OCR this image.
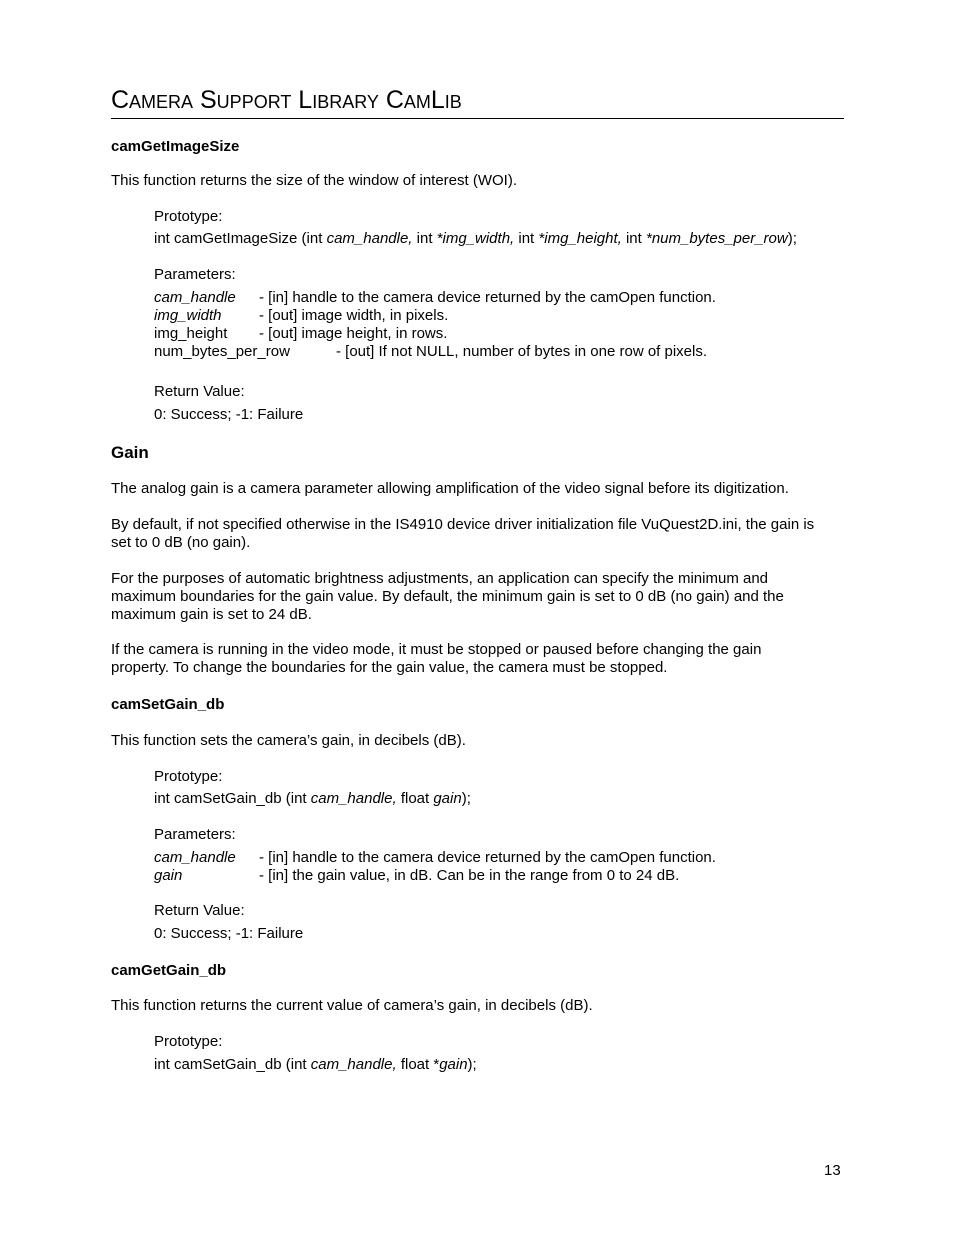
Camera Support Library CamLib
camGetImageSize
This function returns the size of the window of interest (WOI).
Prototype:
int camGetImageSize (int cam_handle, int *img_width, int *img_height, int *num_bytes_per_row);
Parameters:
cam_handle - [in] handle to the camera device returned by the camOpen function.
img_width - [out] image width, in pixels.
img_height - [out] image height, in rows.
num_bytes_per_row	- [out] If not NULL, number of bytes in one row of pixels.
Return Value:
0: Success; -1: Failure
Gain
The analog gain is a camera parameter allowing amplification of the video signal before its digitization.
By default, if not specified otherwise in the IS4910 device driver initialization file VuQuest2D.ini, the gain is set to 0 dB (no gain).
For the purposes of automatic brightness adjustments, an application can specify the minimum and maximum boundaries for the gain value. By default, the minimum gain is set to 0 dB (no gain) and the maximum gain is set to 24 dB.
If the camera is running in the video mode, it must be stopped or paused before changing the gain property. To change the boundaries for the gain value, the camera must be stopped.
camSetGain_db
This function sets the camera’s gain, in decibels (dB).
Prototype:
int camSetGain_db (int cam_handle, float gain);
Parameters:
cam_handle - [in] handle to the camera device returned by the camOpen function.
gain	- [in] the gain value, in dB. Can be in the range from 0 to 24 dB.
Return Value:
0: Success; -1: Failure
camGetGain_db
This function returns the current value of camera’s gain, in decibels (dB).
Prototype:
int camSetGain_db (int cam_handle, float *gain);
13
